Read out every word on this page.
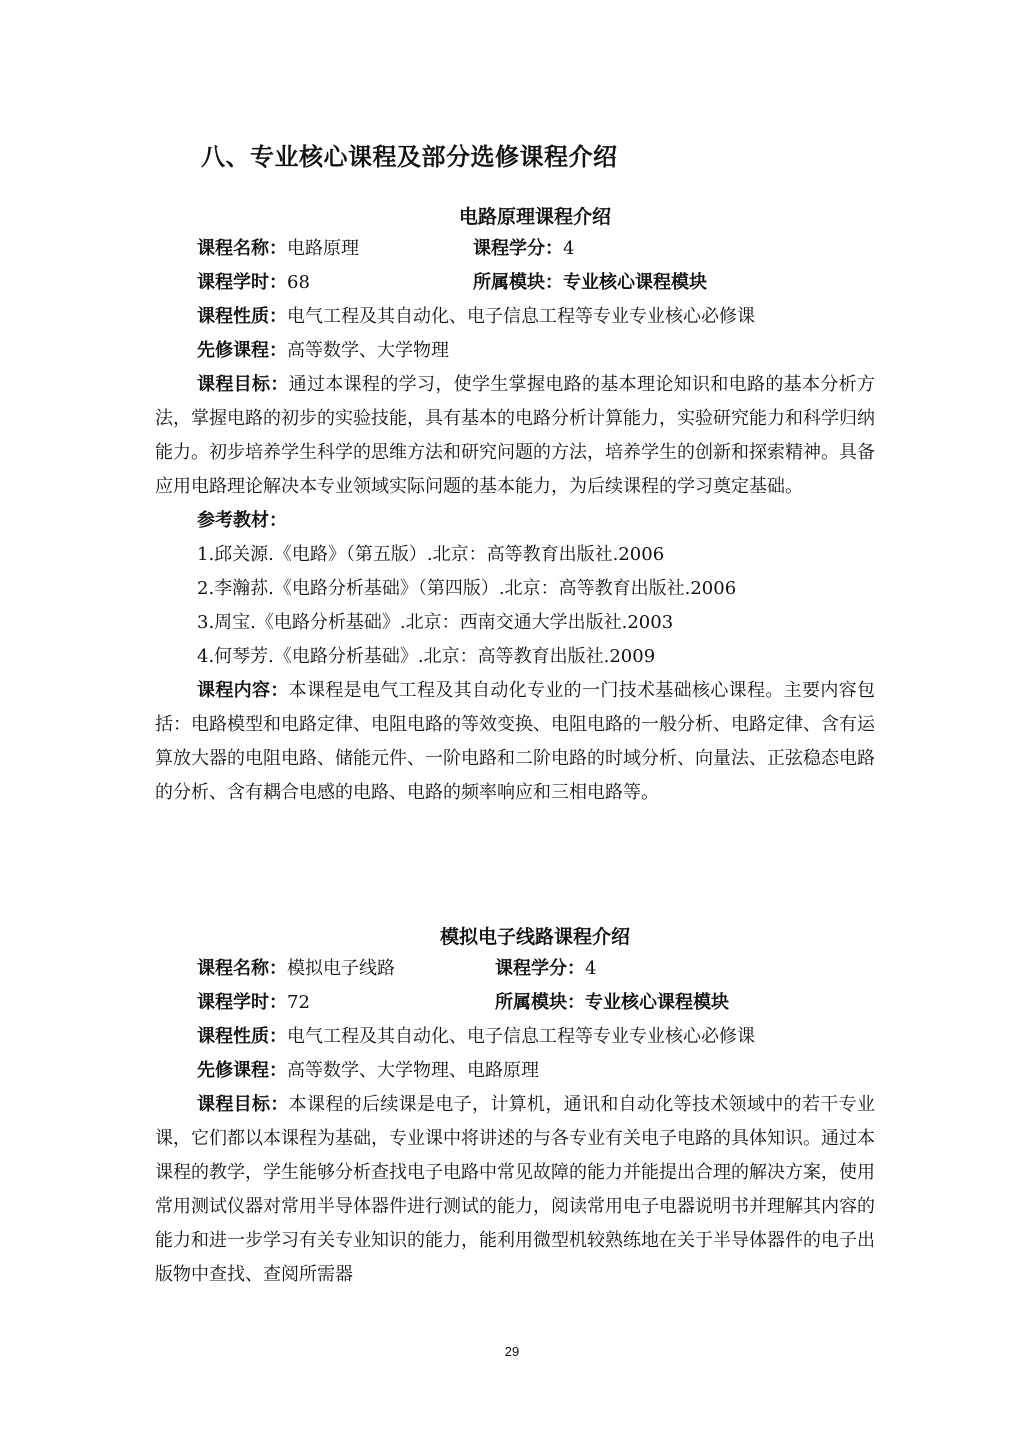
八、专业核心课程及部分选修课程介绍
电路原理课程介绍
课程名称：电路原理	课程学分：4
课程学时：68	所属模块：专业核心课程模块
课程性质：电气工程及其自动化、电子信息工程等专业专业核心必修课
先修课程：高等数学、大学物理
课程目标：通过本课程的学习，使学生掌握电路的基本理论知识和电路的基本分析方法，掌握电路的初步的实验技能，具有基本的电路分析计算能力，实验研究能力和科学归纳能力。初步培养学生科学的思维方法和研究问题的方法，培养学生的创新和探索精神。具备应用电路理论解决本专业领域实际问题的基本能力，为后续课程的学习奠定基础。
参考教材：
1.邱关源.《电路》（第五版）.北京：高等教育出版社.2006
2.李瀚荪.《电路分析基础》（第四版）.北京：高等教育出版社.2006
3.周宝.《电路分析基础》.北京：西南交通大学出版社.2003
4.何琴芳.《电路分析基础》.北京：高等教育出版社.2009
课程内容：本课程是电气工程及其自动化专业的一门技术基础核心课程。主要内容包括：电路模型和电路定律、电阻电路的等效变换、电阻电路的一般分析、电路定律、含有运算放大器的电阻电路、储能元件、一阶电路和二阶电路的时域分析、向量法、正弦稳态电路的分析、含有耦合电感的电路、电路的频率响应和三相电路等。
模拟电子线路课程介绍
课程名称：模拟电子线路	课程学分：4
课程学时：72	所属模块：专业核心课程模块
课程性质：电气工程及其自动化、电子信息工程等专业专业核心必修课
先修课程：高等数学、大学物理、电路原理
课程目标：本课程的后续课是电子，计算机，通讯和自动化等技术领域中的若干专业课，它们都以本课程为基础，专业课中将讲述的与各专业有关电子电路的具体知识。通过本课程的教学，学生能够分析查找电子电路中常见故障的能力并能提出合理的解决方案，使用常用测试仪器对常用半导体器件进行测试的能力，阅读常用电子电器说明书并理解其内容的能力和进一步学习有关专业知识的能力，能利用微型机较熟练地在关于半导体器件的电子出版物中查找、查阅所需器
29
